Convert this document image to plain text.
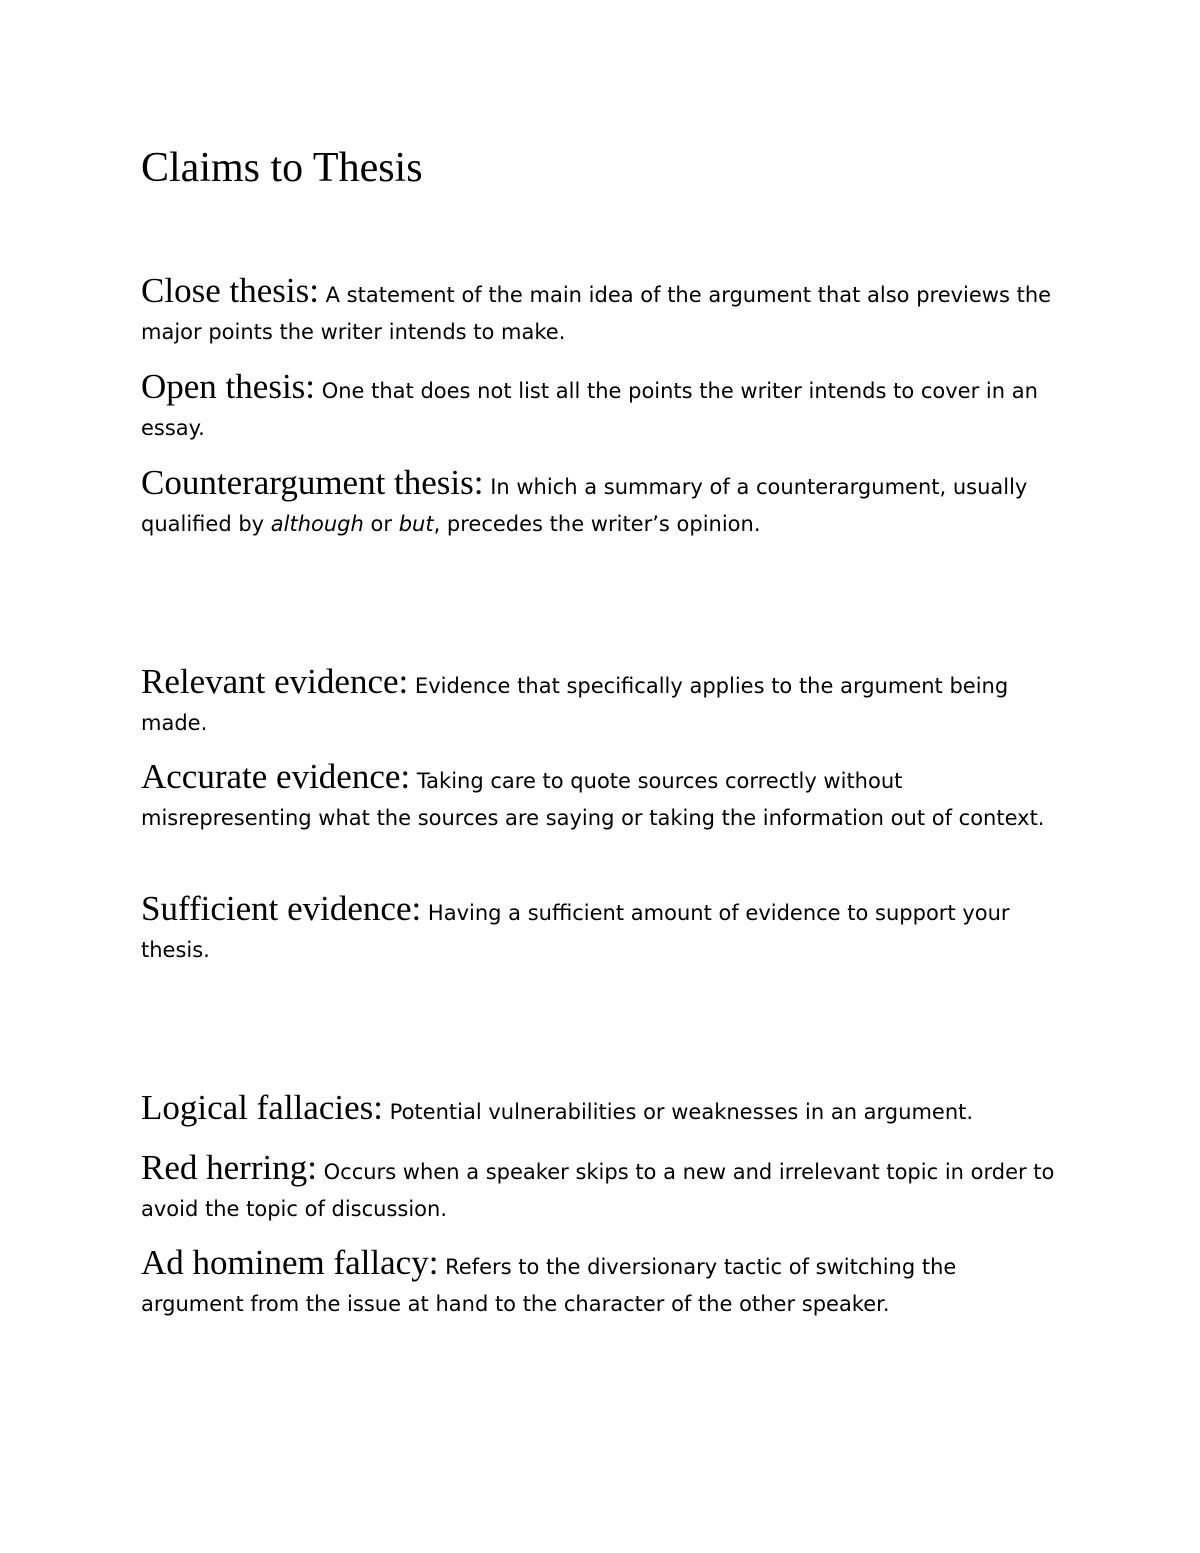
Claims to Thesis

Close thesis: A statement of the main idea of the argument that also previews the major points the writer intends to make.

Open thesis: One that does not list all the points the writer intends to cover in an essay.

Counterargument thesis: In which a summary of a counterargument, usually qualified by although or but, precedes the writer’s opinion.

Relevant evidence: Evidence that specifically applies to the argument being made.

Accurate evidence: Taking care to quote sources correctly without misrepresenting what the sources are saying or taking the information out of context.

Sufficient evidence: Having a sufficient amount of evidence to support your thesis.

Logical fallacies: Potential vulnerabilities or weaknesses in an argument.

Red herring: Occurs when a speaker skips to a new and irrelevant topic in order to avoid the topic of discussion.

Ad hominem fallacy: Refers to the diversionary tactic of switching the argument from the issue at hand to the character of the other speaker.
